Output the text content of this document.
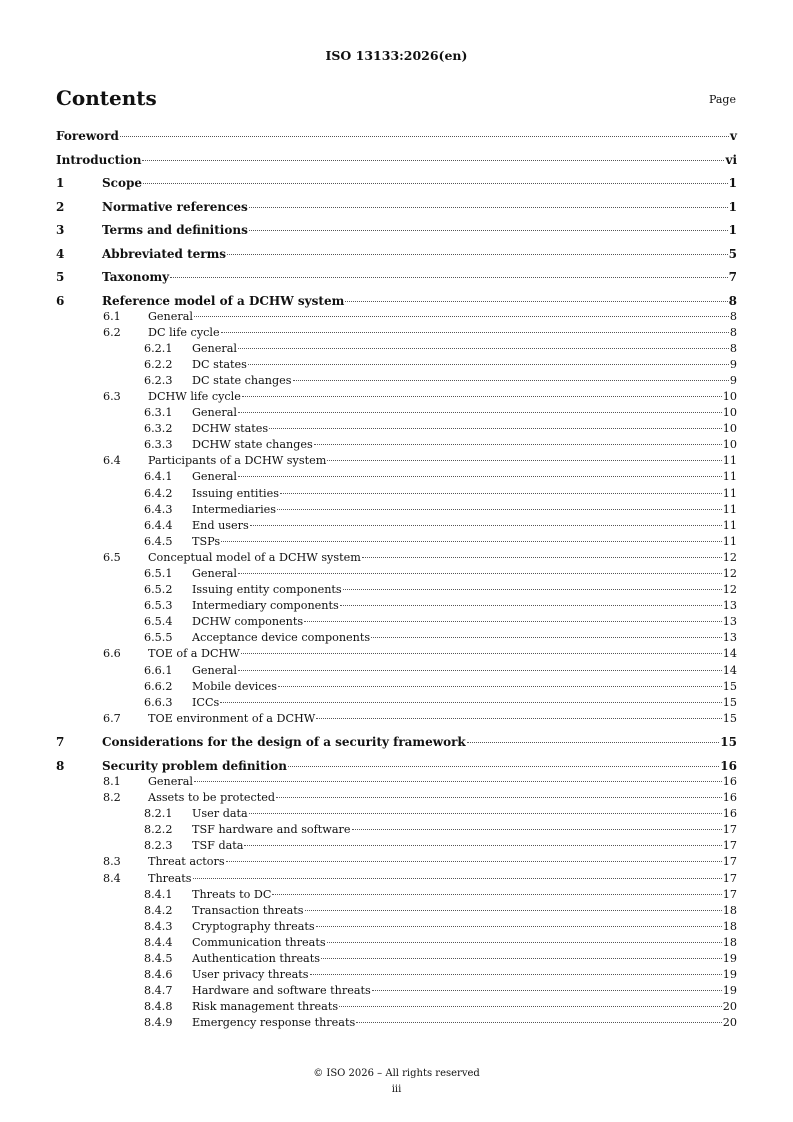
ISO 13133:2026(en)
Contents	Page
Foreword	v
Introduction	vi
1	Scope	1
2	Normative references	1
3	Terms and definitions	1
4	Abbreviated terms	5
5	Taxonomy	7
6	Reference model of a DCHW system	8
6.1	General	8
6.2	DC life cycle	8
6.2.1	General	8
6.2.2	DC states	9
6.2.3	DC state changes	9
6.3	DCHW life cycle	10
6.3.1	General	10
6.3.2	DCHW states	10
6.3.3	DCHW state changes	10
6.4	Participants of a DCHW system	11
6.4.1	General	11
6.4.2	Issuing entities	11
6.4.3	Intermediaries	11
6.4.4	End users	11
6.4.5	TSPs	11
6.5	Conceptual model of a DCHW system	12
6.5.1	General	12
6.5.2	Issuing entity components	12
6.5.3	Intermediary components	13
6.5.4	DCHW components	13
6.5.5	Acceptance device components	13
6.6	TOE of a DCHW	14
6.6.1	General	14
6.6.2	Mobile devices	15
6.6.3	ICCs	15
6.7	TOE environment of a DCHW	15
7	Considerations for the design of a security framework	15
8	Security problem definition	16
8.1	General	16
8.2	Assets to be protected	16
8.2.1	User data	16
8.2.2	TSF hardware and software	17
8.2.3	TSF data	17
8.3	Threat actors	17
8.4	Threats	17
8.4.1	Threats to DC	17
8.4.2	Transaction threats	18
8.4.3	Cryptography threats	18
8.4.4	Communication threats	18
8.4.5	Authentication threats	19
8.4.6	User privacy threats	19
8.4.7	Hardware and software threats	19
8.4.8	Risk management threats	20
8.4.9	Emergency response threats	20
© ISO 2026 – All rights reserved
iii
